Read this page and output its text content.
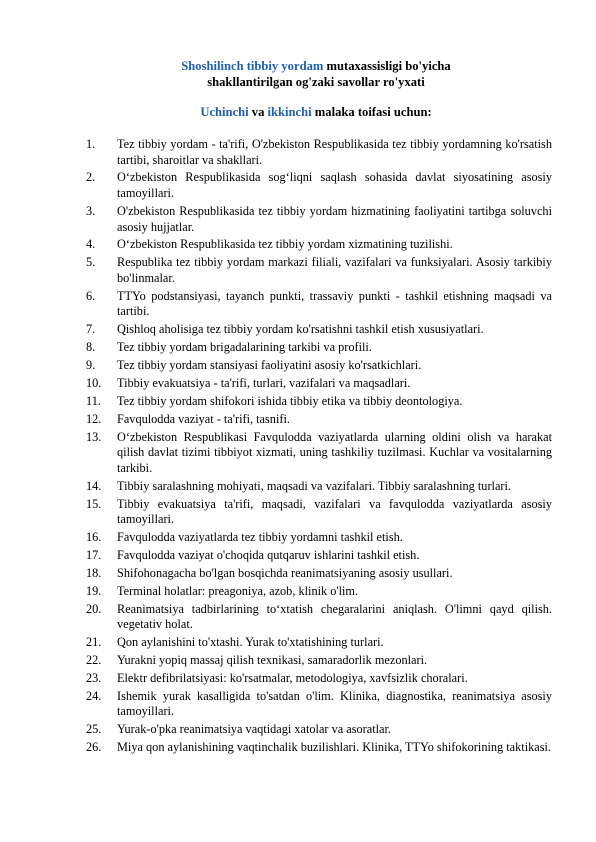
Shoshilinch tibbiy yordam mutaxassisligi bo'yicha
shakllantirilgan og'zaki savollar ro'yxati
Uchinchi va ikkinchi malaka toifasi uchun:
1.	Tez tibbiy yordam - ta'rifi, O'zbekiston Respublikasida tez tibbiy yordamning ko'rsatish tartibi, sharoitlar va shakllari.
2.	O‘zbekiston Respublikasida sog‘liqni saqlash sohasida davlat siyosatining asosiy tamoyillari.
3.	O'zbekiston Respublikasida tez tibbiy yordam hizmatining faoliyatini tartibga soluvchi asosiy hujjatlar.
4.	O‘zbekiston Respublikasida tez tibbiy yordam xizmatining tuzilishi.
5.	Respublika tez tibbiy yordam markazi filiali, vazifalari va funksiyalari. Asosiy tarkibiy bo'linmalar.
6.	TTYo podstansiyasi, tayanch punkti, trassaviy punkti - tashkil etishning maqsadi va tartibi.
7.	Qishloq aholisiga tez tibbiy yordam ko'rsatishni tashkil etish xususiyatlari.
8.	Tez tibbiy yordam brigadalarining tarkibi va profili.
9.	Tez tibbiy yordam stansiyasi faoliyatini asosiy ko'rsatkichlari.
10.	Tibbiy evakuatsiya - ta'rifi, turlari, vazifalari va maqsadlari.
11.	Tez tibbiy yordam shifokori ishida tibbiy etika va tibbiy deontologiya.
12.	Favqulodda vaziyat - ta'rifi, tasnifi.
13.	O‘zbekiston Respublikasi Favqulodda vaziyatlarda ularning oldini olish va harakat qilish davlat tizimi tibbiyot xizmati, uning tashkiliy tuzilmasi. Kuchlar va vositalarning tarkibi.
14.	Tibbiy saralashning mohiyati, maqsadi va vazifalari. Tibbiy saralashning turlari.
15.	Tibbiy evakuatsiya ta'rifi, maqsadi, vazifalari va favqulodda vaziyatlarda asosiy tamoyillari.
16.	Favqulodda vaziyatlarda tez tibbiy yordamni tashkil etish.
17.	Favqulodda vaziyat o'choqida qutqaruv ishlarini tashkil etish.
18.	Shifohonagacha bo'lgan bosqichda reanimatsiyaning asosiy usullari.
19.	Terminal holatlar: preagoniya, azob, klinik o'lim.
20.	Reanimatsiya tadbirlarining to‘xtatish chegaralarini aniqlash. O'limni qayd qilish. vegetativ holat.
21.	Qon aylanishini to'xtashi. Yurak to'xtatishining turlari.
22.	Yurakni yopiq massaj qilish texnikasi, samaradorlik mezonlari.
23.	Elektr defibrilatsiyasi: ko'rsatmalar, metodologiya, xavfsizlik choralari.
24.	Ishemik yurak kasalligida to'satdan o'lim. Klinika, diagnostika, reanimatsiya asosiy tamoyillari.
25.	Yurak-o'pka reanimatsiya vaqtidagi xatolar va asoratlar.
26.	Miya qon aylanishining vaqtinchalik buzilishlari. Klinika, TTYo shifokorining taktikasi.
